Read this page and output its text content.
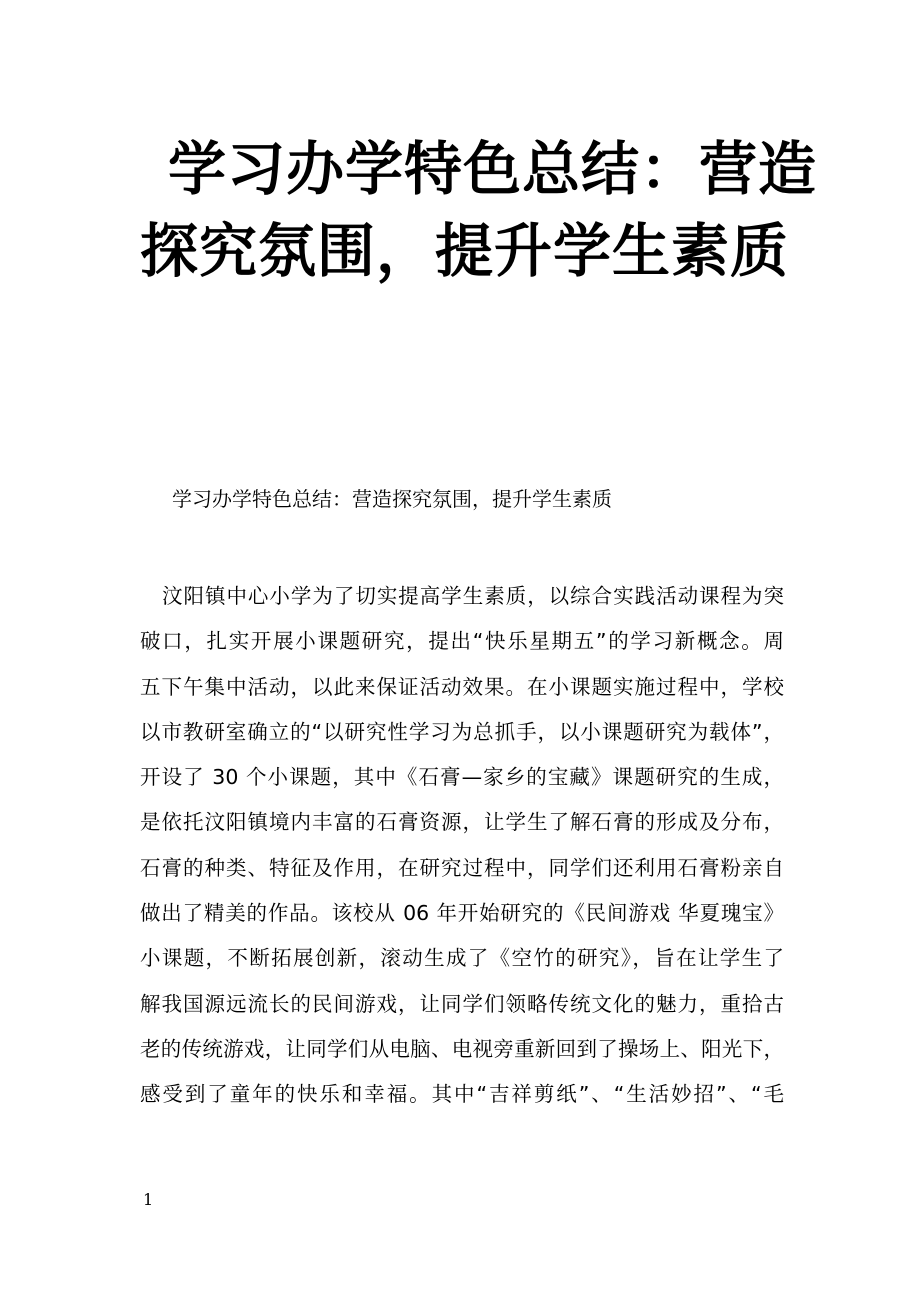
学习办学特色总结：营造
探究氛围，提升学生素质
学习办学特色总结：营造探究氛围，提升学生素质
汶阳镇中心小学为了切实提高学生素质，以综合实践活动课程为突
破口，扎实开展小课题研究，提出“快乐星期五”的学习新概念。周
五下午集中活动，以此来保证活动效果。在小课题实施过程中，学校
以市教研室确立的“以研究性学习为总抓手，以小课题研究为载体”，
开设了 30 个小课题，其中《石膏—家乡的宝藏》课题研究的生成，
是依托汶阳镇境内丰富的石膏资源，让学生了解石膏的形成及分布，
石膏的种类、特征及作用，在研究过程中，同学们还利用石膏粉亲自
做出了精美的作品。该校从 06 年开始研究的《民间游戏 华夏瑰宝》
小课题，不断拓展创新，滚动生成了《空竹的研究》，旨在让学生了
解我国源远流长的民间游戏，让同学们领略传统文化的魅力，重拾古
老的传统游戏，让同学们从电脑、电视旁重新回到了操场上、阳光下，
感受到了童年的快乐和幸福。其中“吉祥剪纸”、“生活妙招”、“毛
1
